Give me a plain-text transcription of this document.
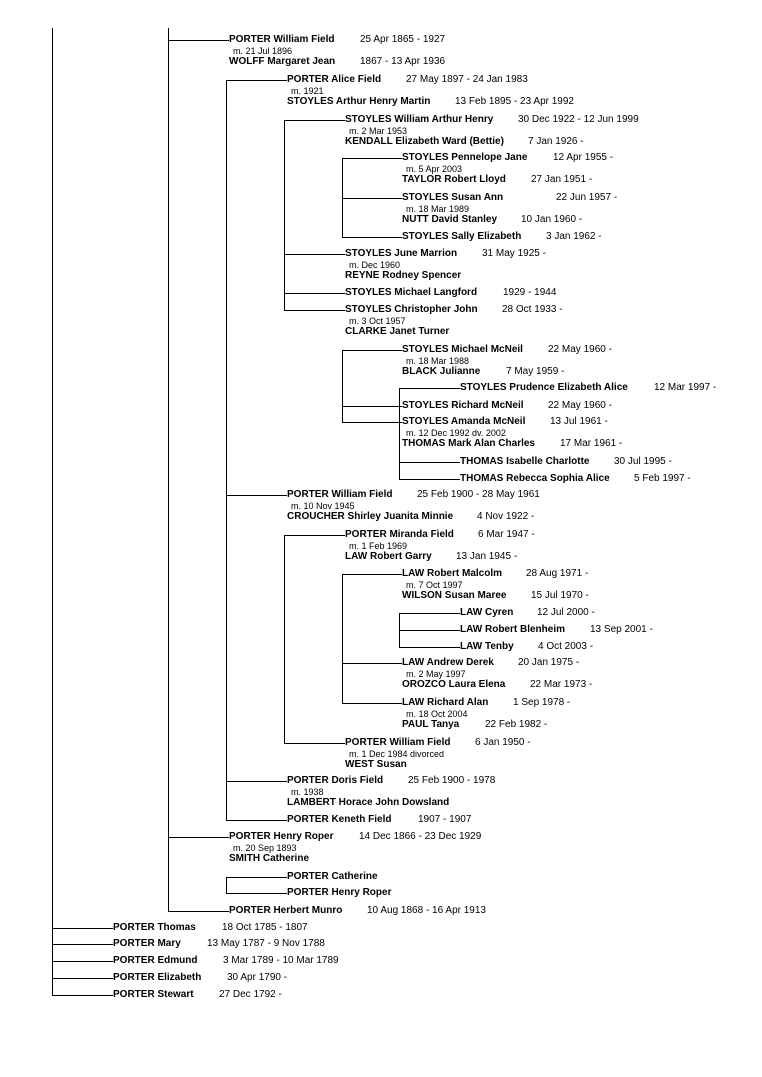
PORTER William Field	25 Apr 1865 - 1927
m. 21 Jul 1896
WOLFF Margaret Jean 1867 - 13 Apr 1936
PORTER Alice Field 27 May 1897 - 24 Jan 1983
m. 1921
STOYLES Arthur Henry Martin 13 Feb 1895 - 23 Apr 1992
STOYLES William Arthur Henry 30 Dec 1922 - 12 Jun 1999
m. 2 Mar 1953
KENDALL Elizabeth Ward (Bettie) 7 Jan 1926 -
STOYLES Pennelope Jane	12 Apr 1955 -
m. 5 Apr 2003
TAYLOR Robert Lloyd	27 Jan 1951 -
STOYLES Susan Ann	22 Jun 1957 -
m. 18 Mar 1989
NUTT David Stanley 10 Jan 1960 -
STOYLES Sally Elizabeth 3 Jan 1962 -
STOYLES June Marrion 31 May 1925 -
m. Dec 1960
REYNE Rodney Spencer
STOYLES Michael Langford	1929 - 1944
STOYLES Christopher John 28 Oct 1933 -
m. 3 Oct 1957
CLARKE Janet Turner
STOYLES Michael McNeil	22 May 1960 -
m. 18 Mar 1988
BLACK Julianne	7 May 1959 -
STOYLES Prudence Elizabeth Alice	12 Mar 1997 -
STOYLES Richard McNeil 22 May 1960 -
STOYLES Amanda McNeil 13 Jul 1961 -
m. 12 Dec 1992 dv. 2002
THOMAS Mark Alan Charles	17 Mar 1961 -
THOMAS Isabelle Charlotte 30 Jul 1995 -
THOMAS Rebecca Sophia Alice 5 Feb 1997 -
PORTER William Field 25 Feb 1900 - 28 May 1961
m. 10 Nov 1945
CROUCHER Shirley Juanita Minnie 4 Nov 1922 -
PORTER Miranda Field 6 Mar 1947 -
m. 1 Feb 1969
LAW Robert Garry 13 Jan 1945 -
LAW Robert Malcolm 28 Aug 1971 -
m. 7 Oct 1997
WILSON Susan Maree 15 Jul 1970 -
LAW Cyren 12 Jul 2000 -
LAW Robert Blenheim 13 Sep 2001 -
LAW Tenby 4 Oct 2003 -
LAW Andrew Derek 20 Jan 1975 -
m. 2 May 1997
OROZCO Laura Elena 22 Mar 1973 -
LAW Richard Alan 1 Sep 1978 -
m. 18 Oct 2004
PAUL Tanya	22 Feb 1982 -
PORTER William Field 6 Jan 1950 -
m. 1 Dec 1984 divorced
WEST Susan
PORTER Doris Field 25 Feb 1900 - 1978
m. 1938
LAMBERT Horace John Dowsland
PORTER Keneth Field	1907 - 1907
PORTER Henry Roper	14 Dec 1866 - 23 Dec 1929
m. 20 Sep 1893
SMITH Catherine
PORTER Catherine
PORTER Henry Roper
PORTER Herbert Munro 10 Aug 1868 - 16 Apr 1913
PORTER Thomas	18 Oct 1785 - 1807
PORTER Mary	13 May 1787 - 9 Nov 1788
PORTER Edmund	3 Mar 1789 - 10 Mar 1789
PORTER Elizabeth	30 Apr 1790 -
PORTER Stewart	27 Dec 1792 -
